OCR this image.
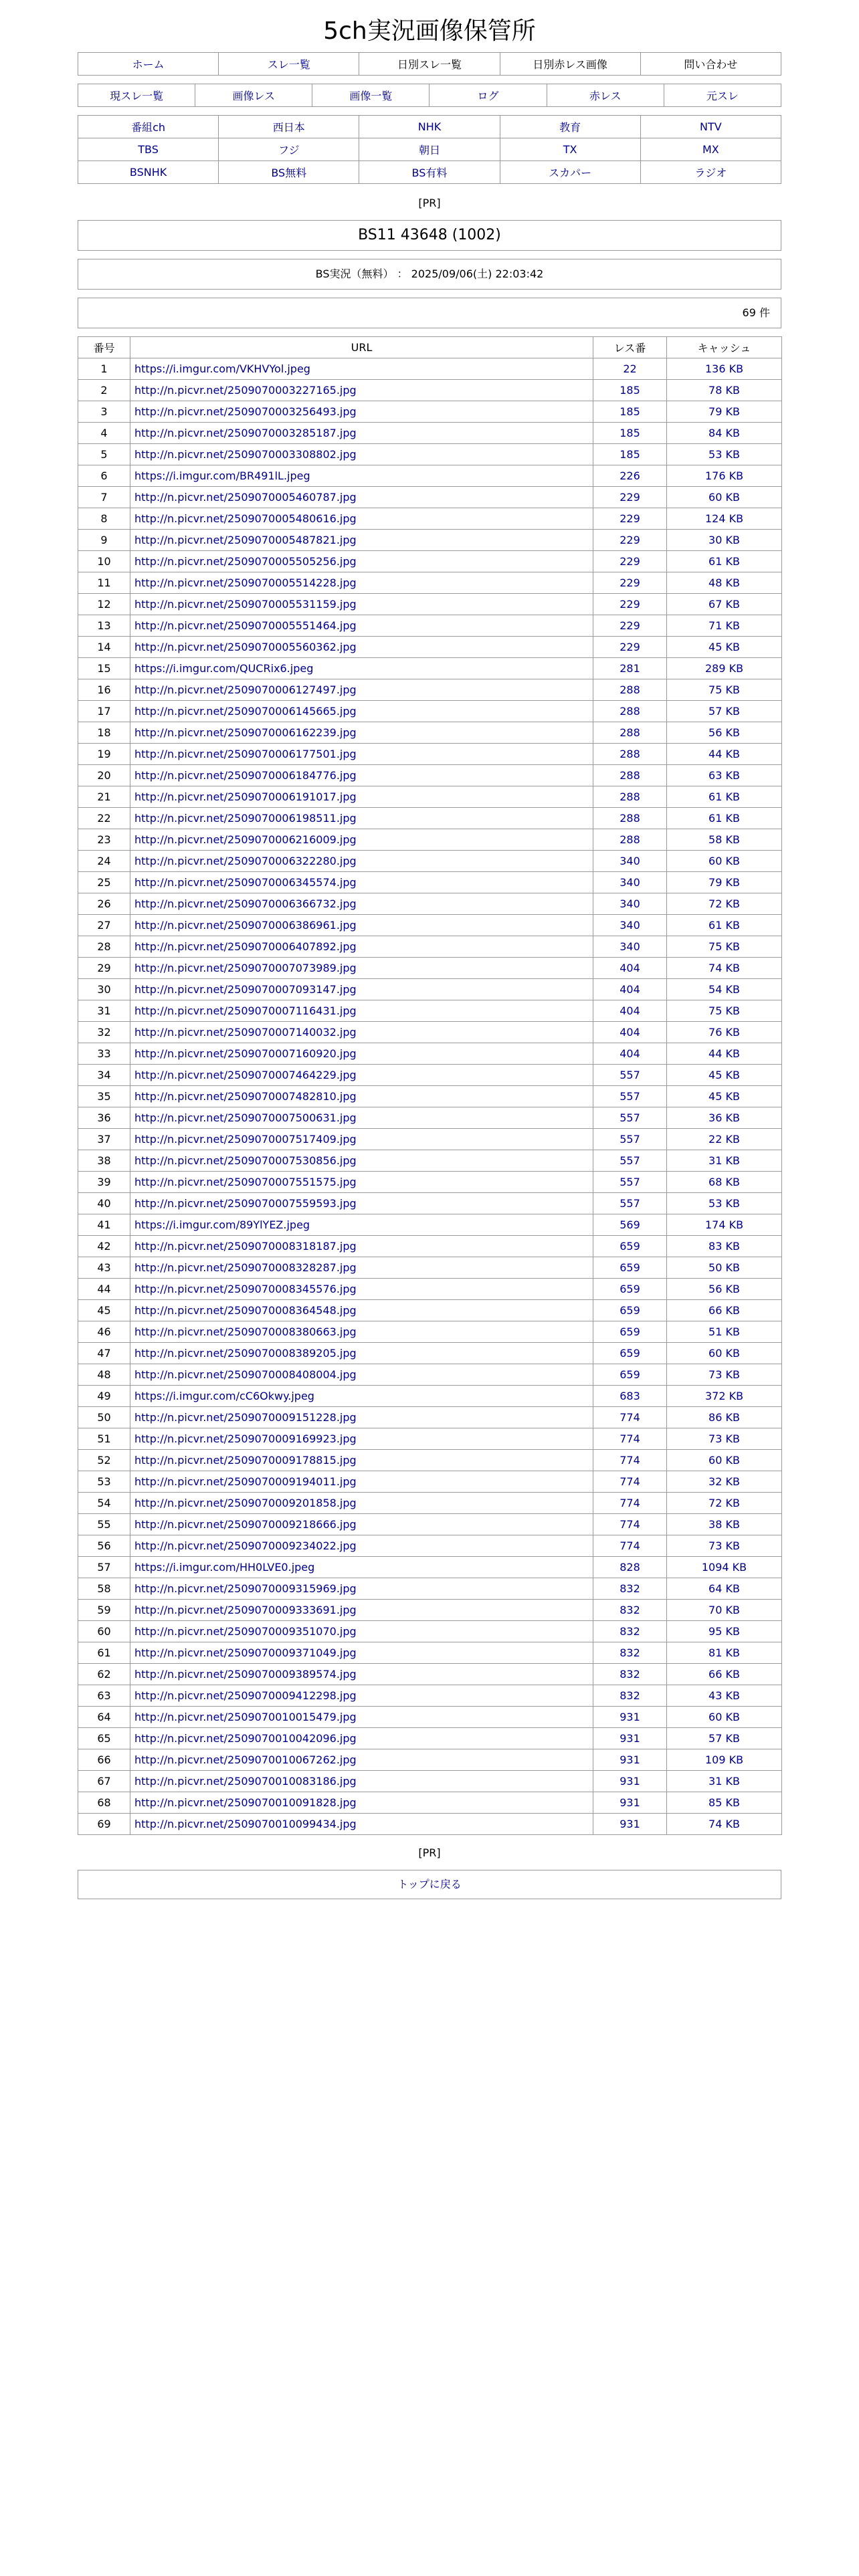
5ch実況画像保管所
ホーム	スレ一覧	日別スレ一覧	日別赤レス画像	問い合わせ
現スレ一覧	画像レス	画像一覧	ログ	赤レス	元スレ
番組ch	西日本	NHK	教育	NTV
TBS	フジ	朝日	TX	MX
BSNHK	BS無料	BS有料	スカパー	ラジオ
[PR]
BS11 43648 (1002)
BS実況（無料） ： 2025/09/06(土) 22:03:42
69 件
番号	URL	レス番	キャッシュ
1	https://i.imgur.com/VKHVYol.jpeg	22	136 KB
2	http://n.picvr.net/2509070003227165.jpg	185	78 KB
3	http://n.picvr.net/2509070003256493.jpg	185	79 KB
4	http://n.picvr.net/2509070003285187.jpg	185	84 KB
5	http://n.picvr.net/2509070003308802.jpg	185	53 KB
6	https://i.imgur.com/BR491lL.jpeg	226	176 KB
7	http://n.picvr.net/2509070005460787.jpg	229	60 KB
8	http://n.picvr.net/2509070005480616.jpg	229	124 KB
9	http://n.picvr.net/2509070005487821.jpg	229	30 KB
10	http://n.picvr.net/2509070005505256.jpg	229	61 KB
11	http://n.picvr.net/2509070005514228.jpg	229	48 KB
12	http://n.picvr.net/2509070005531159.jpg	229	67 KB
13	http://n.picvr.net/2509070005551464.jpg	229	71 KB
14	http://n.picvr.net/2509070005560362.jpg	229	45 KB
15	https://i.imgur.com/QUCRix6.jpeg	281	289 KB
16	http://n.picvr.net/2509070006127497.jpg	288	75 KB
17	http://n.picvr.net/2509070006145665.jpg	288	57 KB
18	http://n.picvr.net/2509070006162239.jpg	288	56 KB
19	http://n.picvr.net/2509070006177501.jpg	288	44 KB
20	http://n.picvr.net/2509070006184776.jpg	288	63 KB
21	http://n.picvr.net/2509070006191017.jpg	288	61 KB
22	http://n.picvr.net/2509070006198511.jpg	288	61 KB
23	http://n.picvr.net/2509070006216009.jpg	288	58 KB
24	http://n.picvr.net/2509070006322280.jpg	340	60 KB
25	http://n.picvr.net/2509070006345574.jpg	340	79 KB
26	http://n.picvr.net/2509070006366732.jpg	340	72 KB
27	http://n.picvr.net/2509070006386961.jpg	340	61 KB
28	http://n.picvr.net/2509070006407892.jpg	340	75 KB
29	http://n.picvr.net/2509070007073989.jpg	404	74 KB
30	http://n.picvr.net/2509070007093147.jpg	404	54 KB
31	http://n.picvr.net/2509070007116431.jpg	404	75 KB
32	http://n.picvr.net/2509070007140032.jpg	404	76 KB
33	http://n.picvr.net/2509070007160920.jpg	404	44 KB
34	http://n.picvr.net/2509070007464229.jpg	557	45 KB
35	http://n.picvr.net/2509070007482810.jpg	557	45 KB
36	http://n.picvr.net/2509070007500631.jpg	557	36 KB
37	http://n.picvr.net/2509070007517409.jpg	557	22 KB
38	http://n.picvr.net/2509070007530856.jpg	557	31 KB
39	http://n.picvr.net/2509070007551575.jpg	557	68 KB
40	http://n.picvr.net/2509070007559593.jpg	557	53 KB
41	https://i.imgur.com/89YlYEZ.jpeg	569	174 KB
42	http://n.picvr.net/2509070008318187.jpg	659	83 KB
43	http://n.picvr.net/2509070008328287.jpg	659	50 KB
44	http://n.picvr.net/2509070008345576.jpg	659	56 KB
45	http://n.picvr.net/2509070008364548.jpg	659	66 KB
46	http://n.picvr.net/2509070008380663.jpg	659	51 KB
47	http://n.picvr.net/2509070008389205.jpg	659	60 KB
48	http://n.picvr.net/2509070008408004.jpg	659	73 KB
49	https://i.imgur.com/cC6Okwy.jpeg	683	372 KB
50	http://n.picvr.net/2509070009151228.jpg	774	86 KB
51	http://n.picvr.net/2509070009169923.jpg	774	73 KB
52	http://n.picvr.net/2509070009178815.jpg	774	60 KB
53	http://n.picvr.net/2509070009194011.jpg	774	32 KB
54	http://n.picvr.net/2509070009201858.jpg	774	72 KB
55	http://n.picvr.net/2509070009218666.jpg	774	38 KB
56	http://n.picvr.net/2509070009234022.jpg	774	73 KB
57	https://i.imgur.com/HH0LVE0.jpeg	828	1094 KB
58	http://n.picvr.net/2509070009315969.jpg	832	64 KB
59	http://n.picvr.net/2509070009333691.jpg	832	70 KB
60	http://n.picvr.net/2509070009351070.jpg	832	95 KB
61	http://n.picvr.net/2509070009371049.jpg	832	81 KB
62	http://n.picvr.net/2509070009389574.jpg	832	66 KB
63	http://n.picvr.net/2509070009412298.jpg	832	43 KB
64	http://n.picvr.net/2509070010015479.jpg	931	60 KB
65	http://n.picvr.net/2509070010042096.jpg	931	57 KB
66	http://n.picvr.net/2509070010067262.jpg	931	109 KB
67	http://n.picvr.net/2509070010083186.jpg	931	31 KB
68	http://n.picvr.net/2509070010091828.jpg	931	85 KB
69	http://n.picvr.net/2509070010099434.jpg	931	74 KB
[PR]
トップに戻る
